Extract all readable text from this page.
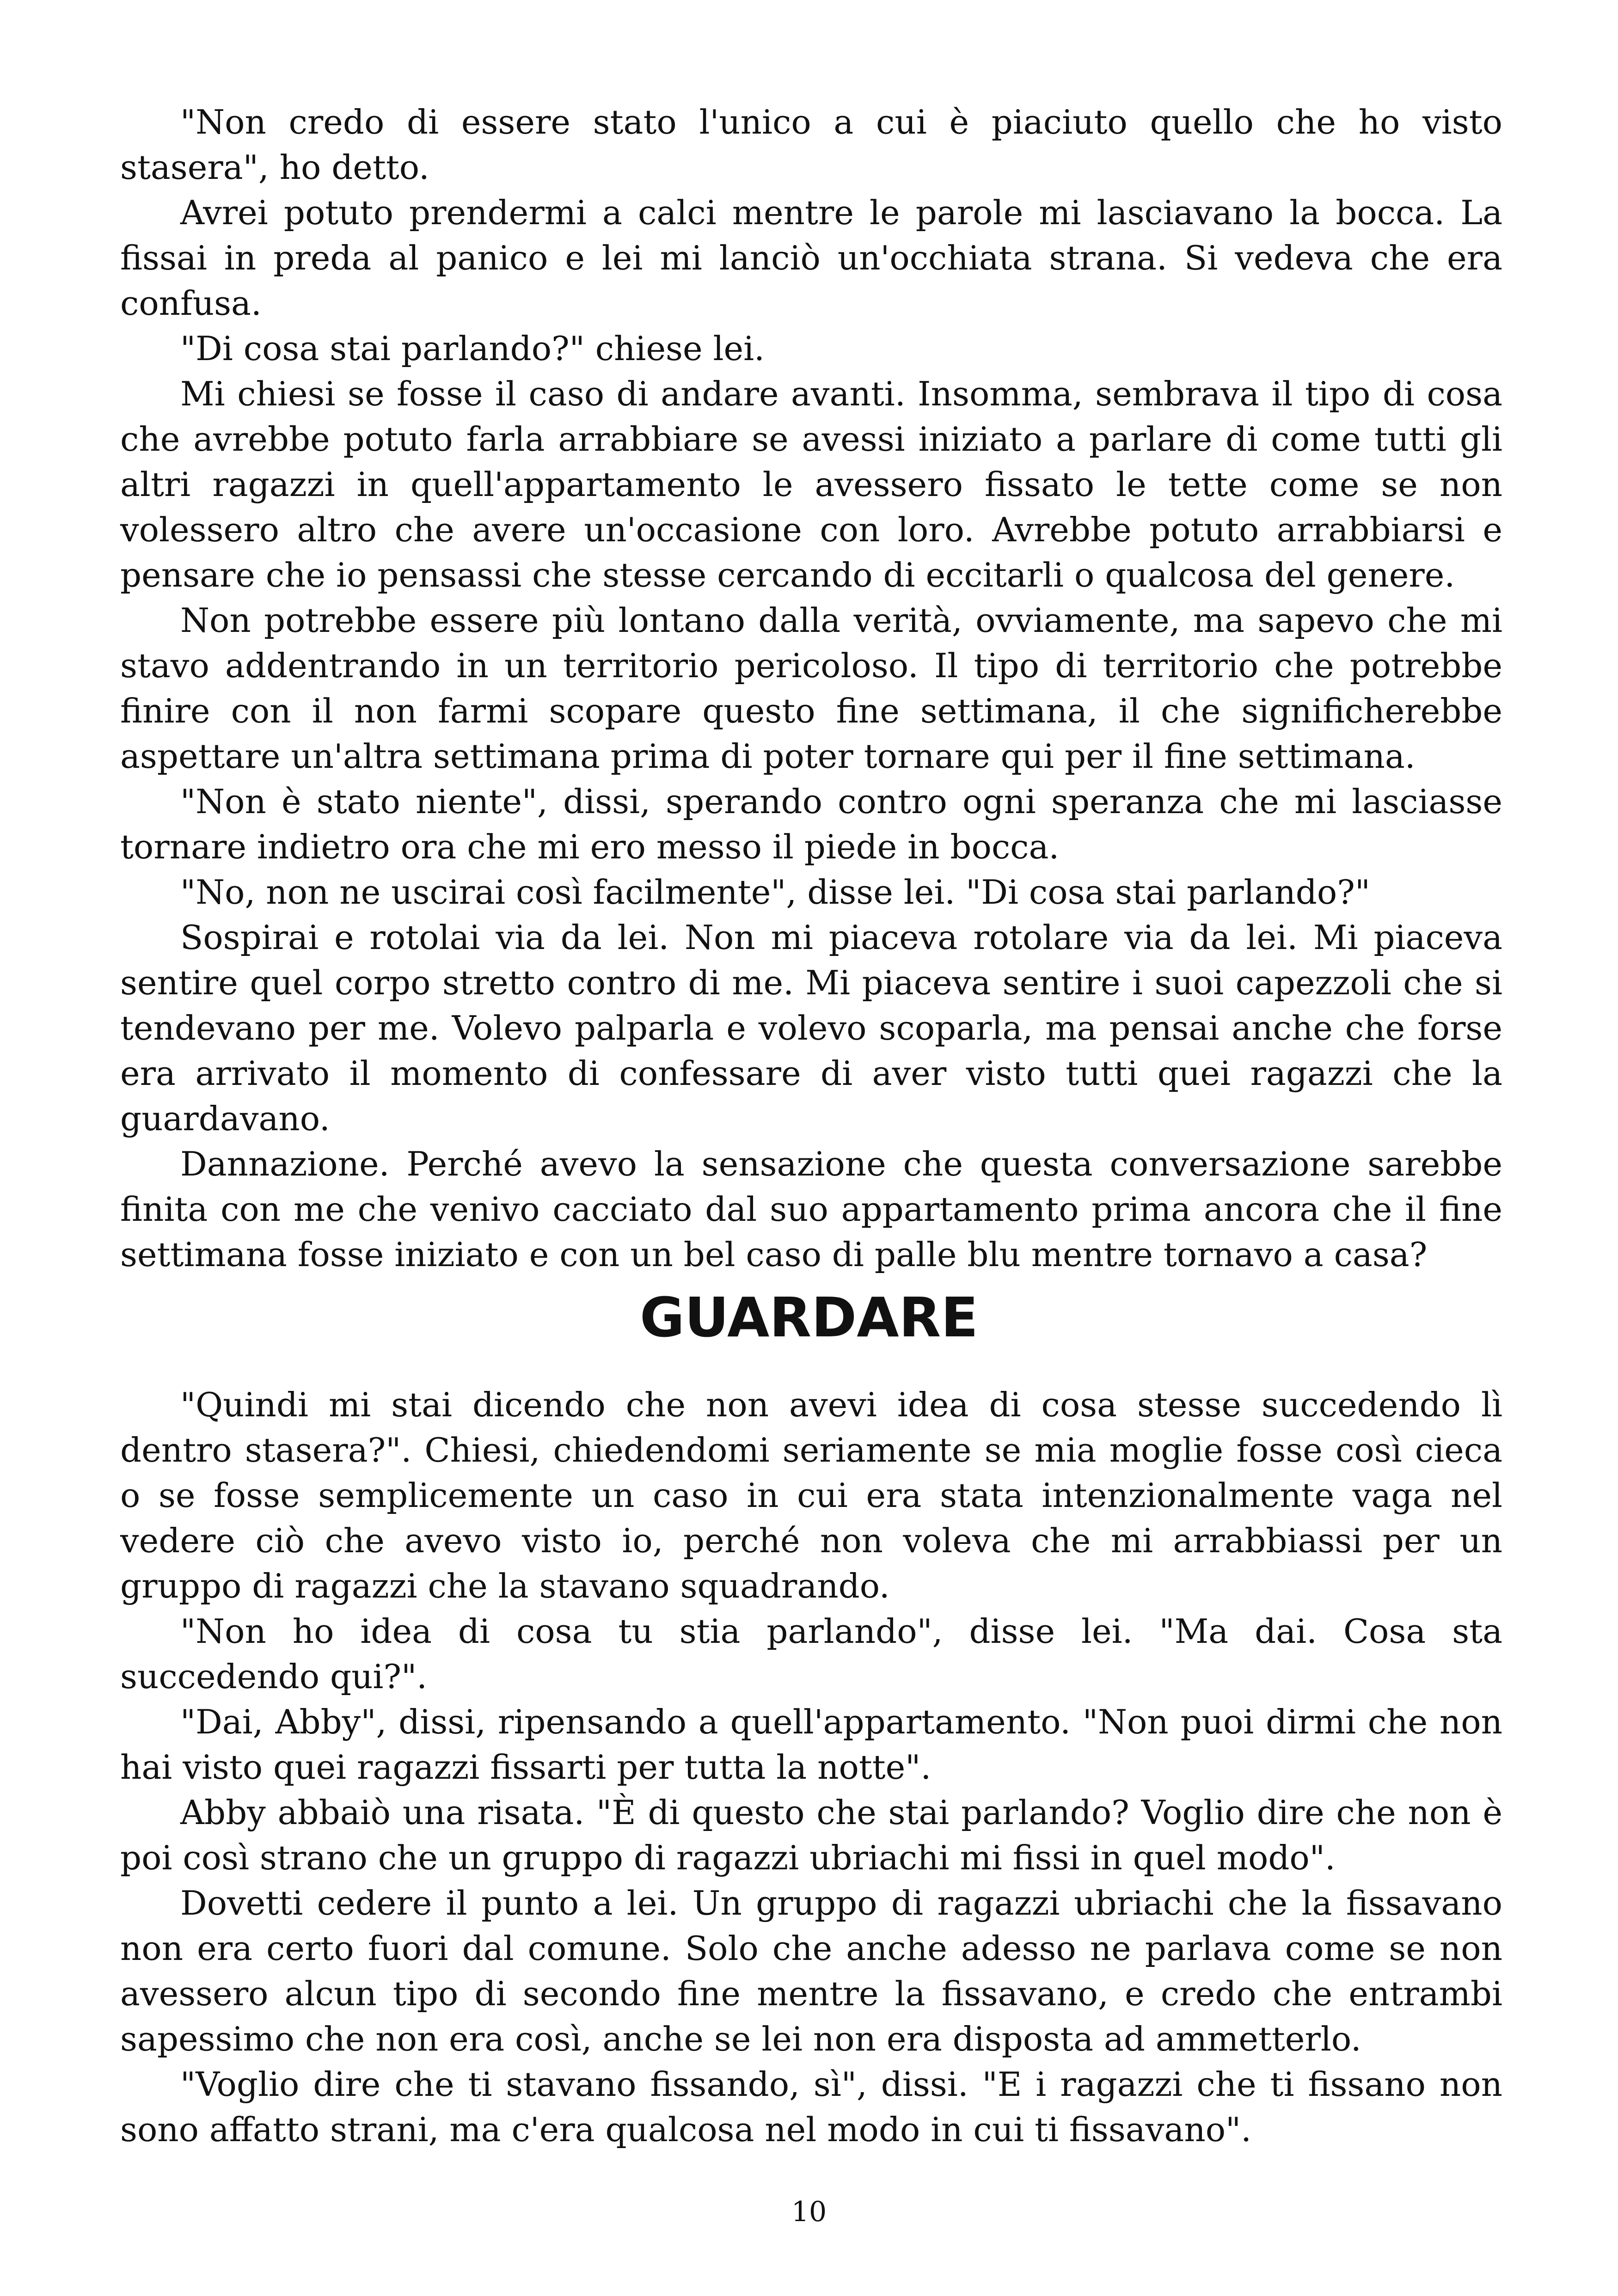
"Non credo di essere stato l'unico a cui è piaciuto quello che ho visto stasera", ho detto.

Avrei potuto prendermi a calci mentre le parole mi lasciavano la bocca. La fissai in preda al panico e lei mi lanciò un'occhiata strana. Si vedeva che era confusa.

"Di cosa stai parlando?" chiese lei.

Mi chiesi se fosse il caso di andare avanti. Insomma, sembrava il tipo di cosa che avrebbe potuto farla arrabbiare se avessi iniziato a parlare di come tutti gli altri ragazzi in quell'appartamento le avessero fissato le tette come se non volessero altro che avere un'occasione con loro. Avrebbe potuto arrabbiarsi e pensare che io pensassi che stesse cercando di eccitarli o qualcosa del genere.

Non potrebbe essere più lontano dalla verità, ovviamente, ma sapevo che mi stavo addentrando in un territorio pericoloso. Il tipo di territorio che potrebbe finire con il non farmi scopare questo fine settimana, il che significherebbe aspettare un'altra settimana prima di poter tornare qui per il fine settimana.

"Non è stato niente", dissi, sperando contro ogni speranza che mi lasciasse tornare indietro ora che mi ero messo il piede in bocca.

"No, non ne uscirai così facilmente", disse lei. "Di cosa stai parlando?"

Sospirai e rotolai via da lei. Non mi piaceva rotolare via da lei. Mi piaceva sentire quel corpo stretto contro di me. Mi piaceva sentire i suoi capezzoli che si tendevano per me. Volevo palparla e volevo scoparla, ma pensai anche che forse era arrivato il momento di confessare di aver visto tutti quei ragazzi che la guardavano.

Dannazione. Perché avevo la sensazione che questa conversazione sarebbe finita con me che venivo cacciato dal suo appartamento prima ancora che il fine settimana fosse iniziato e con un bel caso di palle blu mentre tornavo a casa?

GUARDARE

"Quindi mi stai dicendo che non avevi idea di cosa stesse succedendo lì dentro stasera?". Chiesi, chiedendomi seriamente se mia moglie fosse così cieca o se fosse semplicemente un caso in cui era stata intenzionalmente vaga nel vedere ciò che avevo visto io, perché non voleva che mi arrabbiassi per un gruppo di ragazzi che la stavano squadrando.

"Non ho idea di cosa tu stia parlando", disse lei. "Ma dai. Cosa sta succedendo qui?".

"Dai, Abby", dissi, ripensando a quell'appartamento. "Non puoi dirmi che non hai visto quei ragazzi fissarti per tutta la notte".

Abby abbaiò una risata. "È di questo che stai parlando? Voglio dire che non è poi così strano che un gruppo di ragazzi ubriachi mi fissi in quel modo".

Dovetti cedere il punto a lei. Un gruppo di ragazzi ubriachi che la fissavano non era certo fuori dal comune. Solo che anche adesso ne parlava come se non avessero alcun tipo di secondo fine mentre la fissavano, e credo che entrambi sapessimo che non era così, anche se lei non era disposta ad ammetterlo.

"Voglio dire che ti stavano fissando, sì", dissi. "E i ragazzi che ti fissano non sono affatto strani, ma c'era qualcosa nel modo in cui ti fissavano".

10
